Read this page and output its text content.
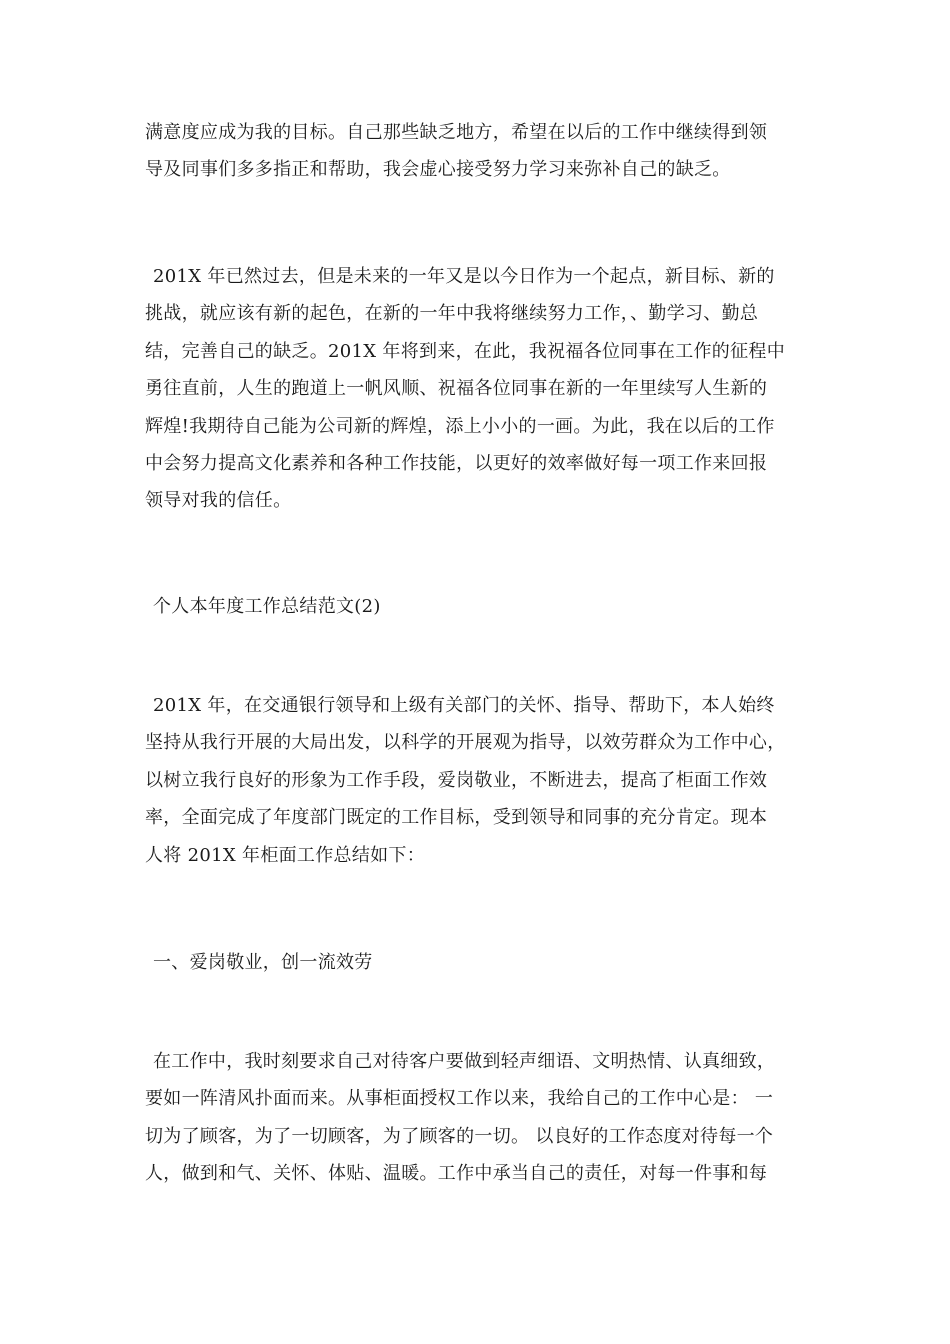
满意度应成为我的目标。自己那些缺乏地方，希望在以后的工作中继续得到领
导及同事们多多指正和帮助，我会虚心接受努力学习来弥补自己的缺乏。

201X 年已然过去，但是未来的一年又是以今日作为一个起点，新目标、新的
挑战，就应该有新的起色，在新的一年中我将继续努力工作，、勤学习、勤总
结，完善自己的缺乏。201X 年将到来，在此，我祝福各位同事在工作的征程中
勇往直前，人生的跑道上一帆风顺、祝福各位同事在新的一年里续写人生新的
辉煌!我期待自己能为公司新的辉煌，添上小小的一画。为此，我在以后的工作
中会努力提高文化素养和各种工作技能，以更好的效率做好每一项工作来回报
领导对我的信任。

个人本年度工作总结范文(2)

201X 年，在交通银行领导和上级有关部门的关怀、指导、帮助下，本人始终
坚持从我行开展的大局出发，以科学的开展观为指导，以效劳群众为工作中心，
以树立我行良好的形象为工作手段，爱岗敬业，不断进去，提高了柜面工作效
率，全面完成了年度部门既定的工作目标，受到领导和同事的充分肯定。现本
人将 201X 年柜面工作总结如下：

一、爱岗敬业，创一流效劳

在工作中，我时刻要求自己对待客户要做到轻声细语、文明热情、认真细致，
要如一阵清风扑面而来。从事柜面授权工作以来，我给自己的工作中心是： 一
切为了顾客，为了一切顾客，为了顾客的一切。 以良好的工作态度对待每一个
人，做到和气、关怀、体贴、温暖。工作中承当自己的责任，对每一件事和每
